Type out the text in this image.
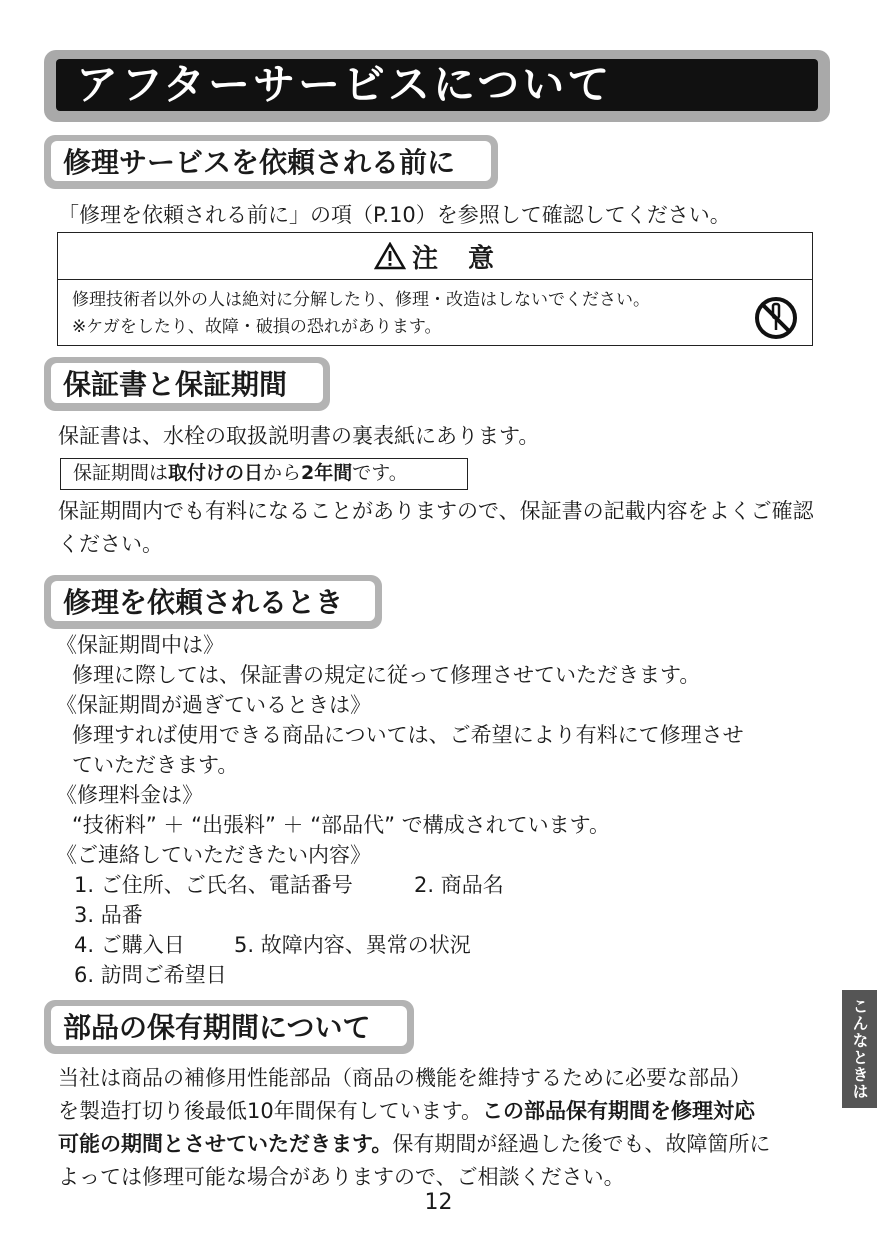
アフターサービスについて
修理サービスを依頼される前に
「修理を依頼される前に」の項（P.10）を参照して確認してください。
注　意
修理技術者以外の人は絶対に分解したり、修理・改造はしないでください。
※ケガをしたり、故障・破損の恐れがあります。
保証書と保証期間
保証書は、水栓の取扱説明書の裏表紙にあります。
保証期間は取付けの日から2年間です。
保証期間内でも有料になることがありますので、保証書の記載内容をよくご確認ください。
修理を依頼されるとき
《保証期間中は》
修理に際しては、保証書の規定に従って修理させていただきます。
《保証期間が過ぎているときは》
修理すれば使用できる商品については、ご希望により有料にて修理させ
ていただきます。
《修理料金は》
“技術料” ＋ “出張料” ＋ “部品代” で構成されています。
《ご連絡していただきたい内容》
1. ご住所、ご氏名、電話番号	2. 商品名
3. 品番
4. ご購入日 5. 故障内容、異常の状況
6. 訪問ご希望日
部品の保有期間について
当社は商品の補修用性能部品（商品の機能を維持するために必要な部品）
を製造打切り後最低10年間保有しています。この部品保有期間を修理対応
可能の期間とさせていただきます。保有期間が経過した後でも、故障箇所に
よっては修理可能な場合がありますので、ご相談ください。
こんなときは
12
